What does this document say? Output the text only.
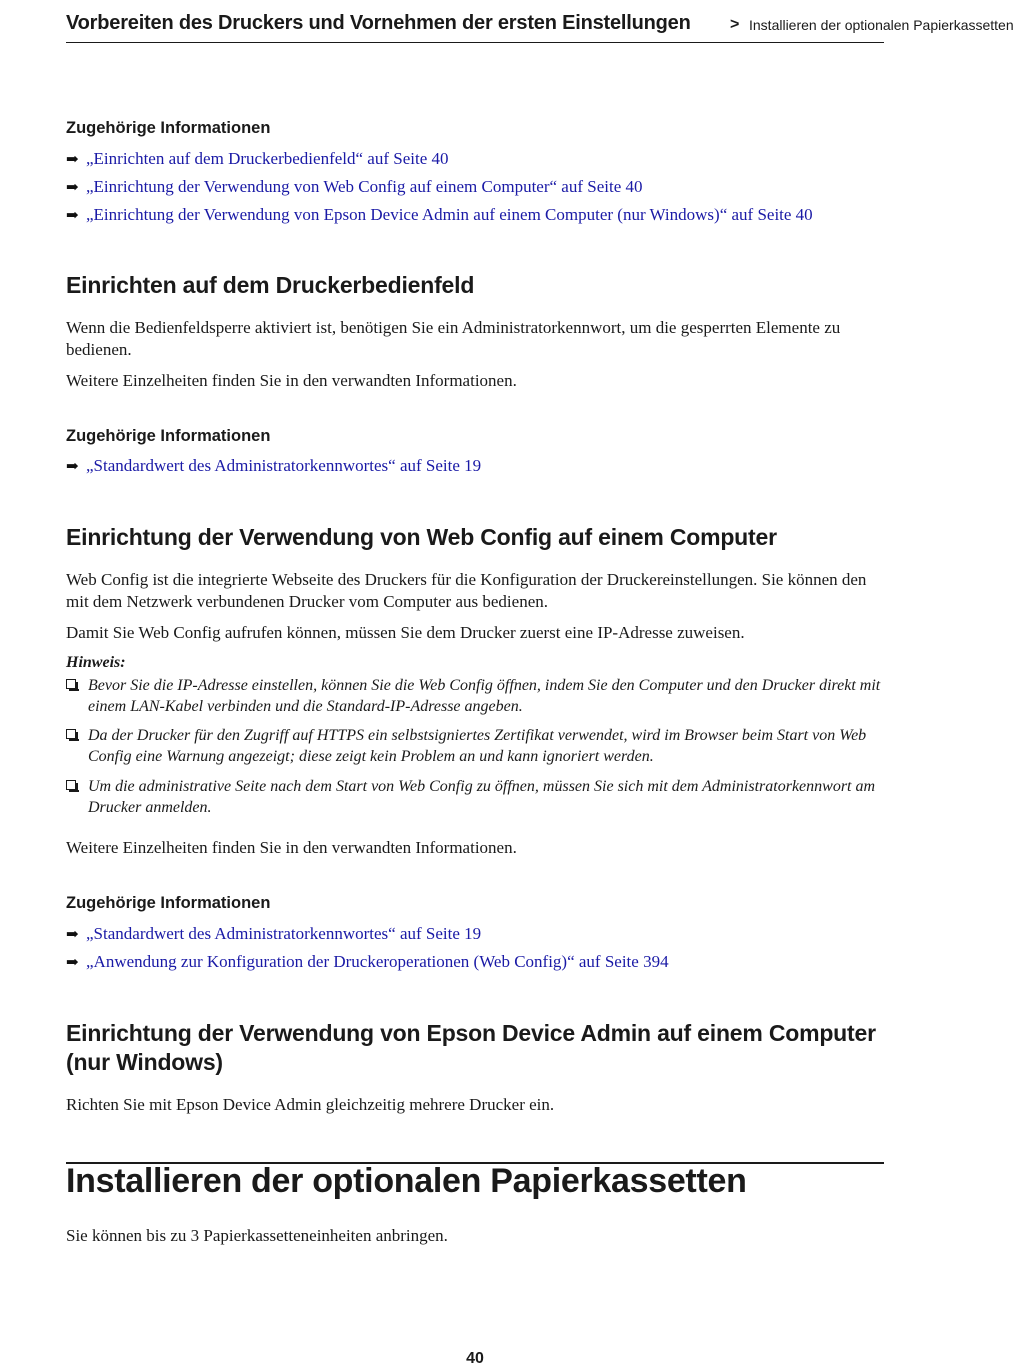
Vorbereiten des Druckers und Vornehmen der ersten Einstellungen > Installieren der optionalen Papierkassetten
Zugehörige Informationen
➡ „Einrichten auf dem Druckerbedienfeld“ auf Seite 40
➡ „Einrichtung der Verwendung von Web Config auf einem Computer“ auf Seite 40
➡ „Einrichtung der Verwendung von Epson Device Admin auf einem Computer (nur Windows)“ auf Seite 40
Einrichten auf dem Druckerbedienfeld
Wenn die Bedienfeldsperre aktiviert ist, benötigen Sie ein Administratorkennwort, um die gesperrten Elemente zu bedienen.
Weitere Einzelheiten finden Sie in den verwandten Informationen.
Zugehörige Informationen
➡ „Standardwert des Administratorkennwortes“ auf Seite 19
Einrichtung der Verwendung von Web Config auf einem Computer
Web Config ist die integrierte Webseite des Druckers für die Konfiguration der Druckereinstellungen. Sie können den mit dem Netzwerk verbundenen Drucker vom Computer aus bedienen.
Damit Sie Web Config aufrufen können, müssen Sie dem Drucker zuerst eine IP-Adresse zuweisen.
Hinweis:
Bevor Sie die IP-Adresse einstellen, können Sie die Web Config öffnen, indem Sie den Computer und den Drucker direkt mit einem LAN-Kabel verbinden und die Standard-IP-Adresse angeben.
Da der Drucker für den Zugriff auf HTTPS ein selbstsigniertes Zertifikat verwendet, wird im Browser beim Start von Web Config eine Warnung angezeigt; diese zeigt kein Problem an und kann ignoriert werden.
Um die administrative Seite nach dem Start von Web Config zu öffnen, müssen Sie sich mit dem Administratorkennwort am Drucker anmelden.
Weitere Einzelheiten finden Sie in den verwandten Informationen.
Zugehörige Informationen
➡ „Standardwert des Administratorkennwortes“ auf Seite 19
➡ „Anwendung zur Konfiguration der Druckeroperationen (Web Config)“ auf Seite 394
Einrichtung der Verwendung von Epson Device Admin auf einem Computer (nur Windows)
Richten Sie mit Epson Device Admin gleichzeitig mehrere Drucker ein.
Installieren der optionalen Papierkassetten
Sie können bis zu 3 Papierkassetteneinheiten anbringen.
40
